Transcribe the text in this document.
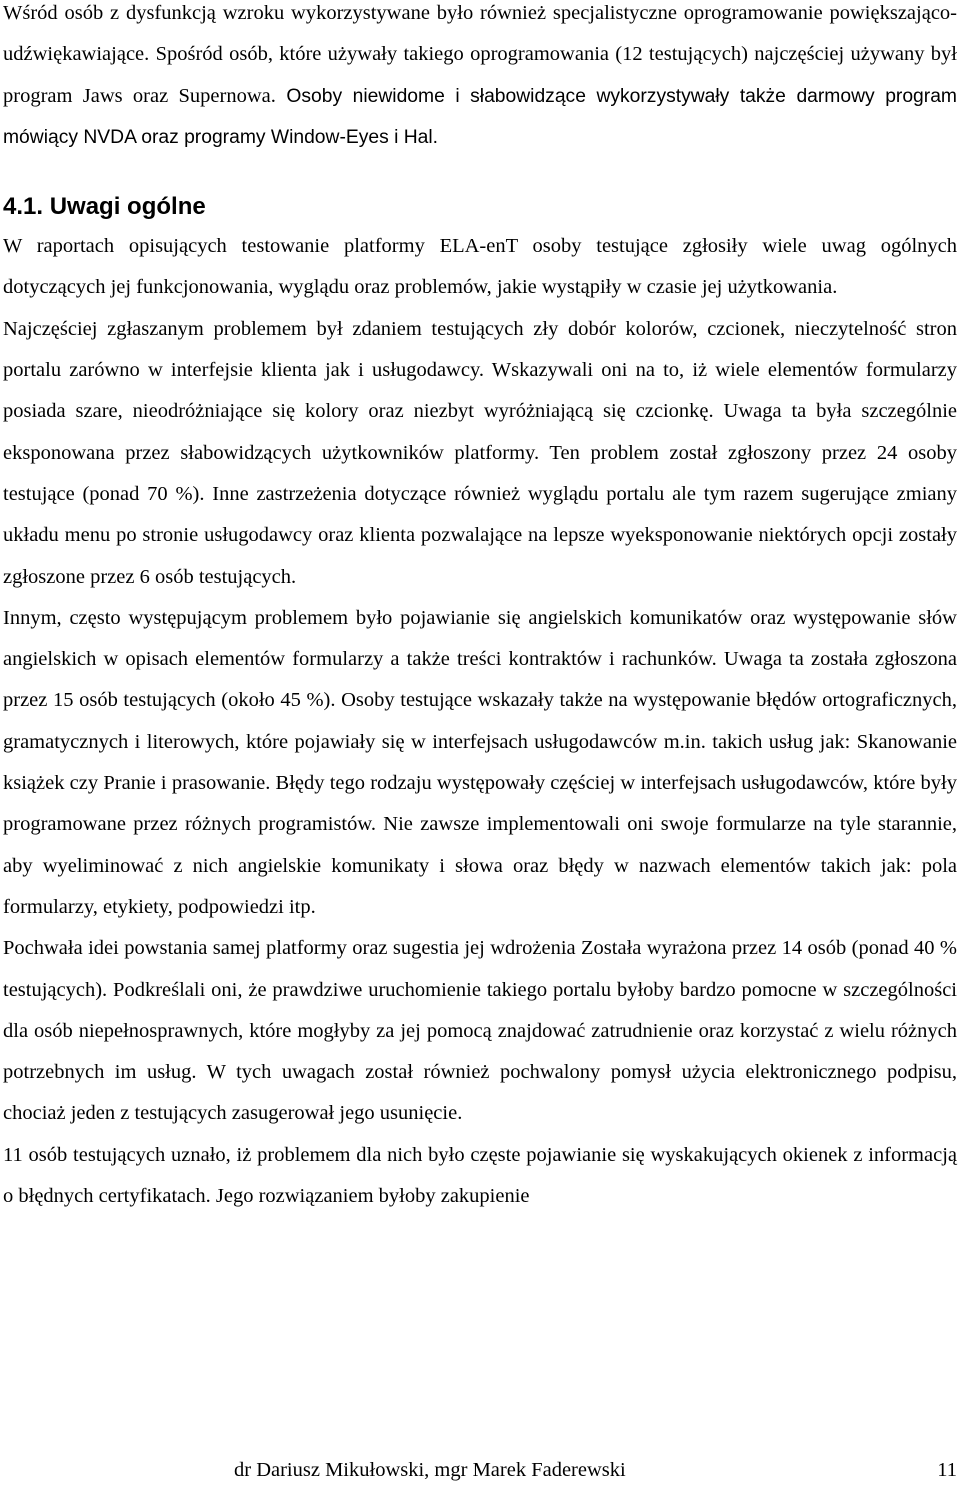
Wśród osób z dysfunkcją wzroku wykorzystywane było również specjalistyczne oprogramowanie powiększająco-udźwiękawiające. Spośród osób, które używały takiego oprogramowania (12 testujących) najczęściej używany był program Jaws oraz Supernowa. Osoby niewidome i słabowidzące wykorzystywały także darmowy program mówiący NVDA oraz programy Window-Eyes i Hal.

4.1. Uwagi ogólne

W raportach opisujących testowanie platformy ELA-enT osoby testujące zgłosiły wiele uwag ogólnych dotyczących jej funkcjonowania, wyglądu oraz problemów, jakie wystąpiły w czasie jej użytkowania.

Najczęściej zgłaszanym problemem był zdaniem testujących zły dobór kolorów, czcionek, nieczytelność stron portalu zarówno w interfejsie klienta jak i usługodawcy. Wskazywali oni na to, iż wiele elementów formularzy posiada szare, nieodróżniające się kolory oraz niezbyt wyróżniającą się czcionkę. Uwaga ta była szczególnie eksponowana przez słabowidzących użytkowników platformy. Ten problem został zgłoszony przez 24 osoby testujące (ponad 70 %). Inne zastrzeżenia dotyczące również wyglądu portalu ale tym razem sugerujące zmiany układu menu po stronie usługodawcy oraz klienta pozwalające na lepsze wyeksponowanie niektórych opcji zostały zgłoszone przez 6 osób testujących.

Innym, często występującym problemem było pojawianie się angielskich komunikatów oraz występowanie słów angielskich w opisach elementów formularzy a także treści kontraktów i rachunków. Uwaga ta została zgłoszona przez 15 osób testujących (około 45 %). Osoby testujące wskazały także na występowanie błędów ortograficznych, gramatycznych i literowych, które pojawiały się w interfejsach usługodawców m.in. takich usług jak: Skanowanie książek czy Pranie i prasowanie. Błędy tego rodzaju występowały częściej w interfejsach usługodawców, które były programowane przez różnych programistów. Nie zawsze implementowali oni swoje formularze na tyle starannie, aby wyeliminować z nich angielskie komunikaty i słowa oraz błędy w nazwach elementów takich jak: pola formularzy, etykiety, podpowiedzi itp.

Pochwała idei powstania samej platformy oraz sugestia jej wdrożenia Została wyrażona przez 14 osób (ponad 40 % testujących). Podkreślali oni, że prawdziwe uruchomienie takiego portalu byłoby bardzo pomocne w szczególności dla osób niepełnosprawnych, które mogłyby za jej pomocą znajdować zatrudnienie oraz korzystać z wielu różnych potrzebnych im usług. W tych uwagach został również pochwalony pomysł użycia elektronicznego podpisu, chociaż jeden z testujących zasugerował jego usunięcie.

11 osób testujących uznało, iż problemem dla nich było częste pojawianie się wyskakujących okienek z informacją o błędnych certyfikatach. Jego rozwiązaniem byłoby zakupienie

dr Dariusz Mikułowski, mgr Marek Faderewski	11
